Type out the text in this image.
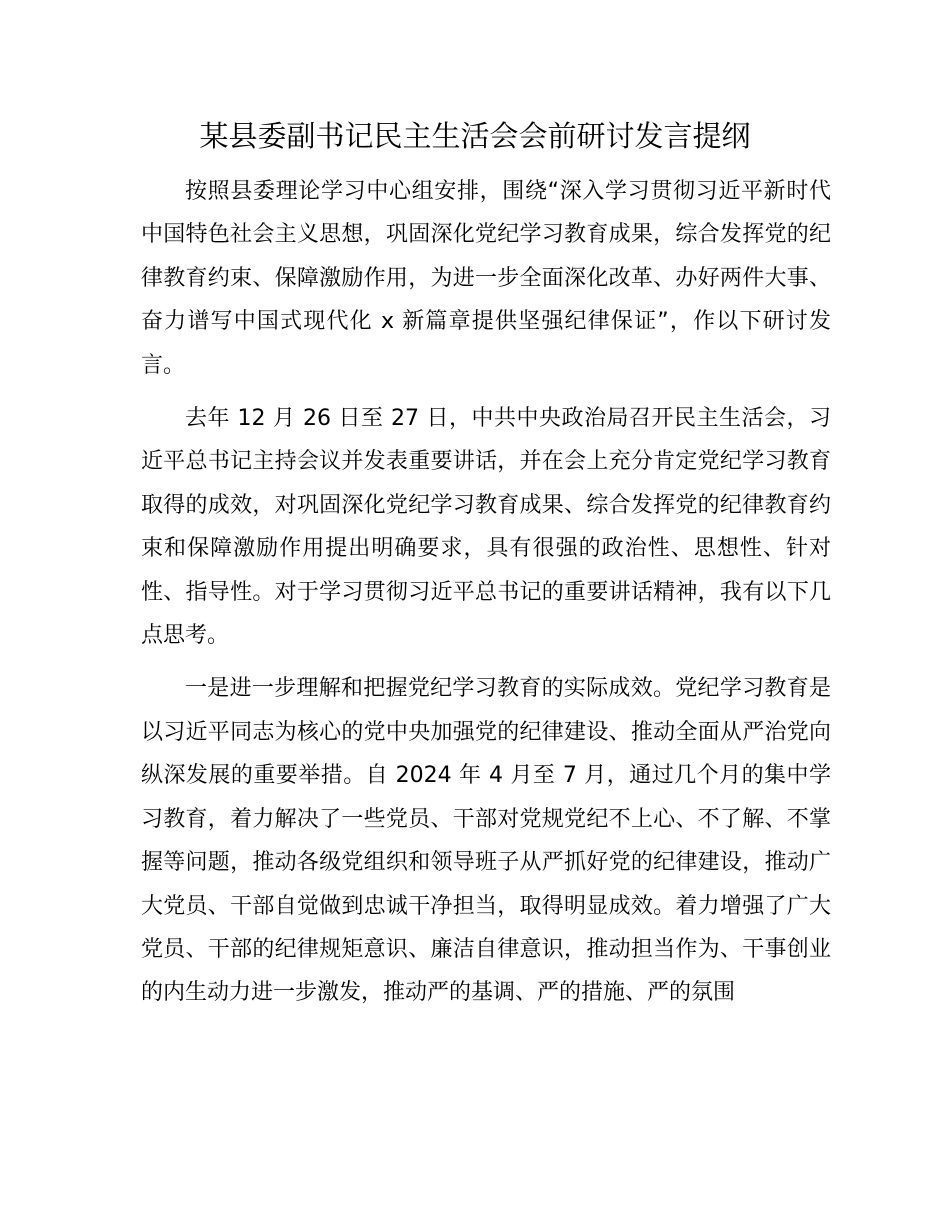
某县委副书记民主生活会会前研讨发言提纲

按照县委理论学习中心组安排，围绕“深入学习贯彻习近平新时代中国特色社会主义思想，巩固深化党纪学习教育成果，综合发挥党的纪律教育约束、保障激励作用，为进一步全面深化改革、办好两件大事、奋力谱写中国式现代化 x 新篇章提供坚强纪律保证”，作以下研讨发言。

去年 12 月 26 日至 27 日，中共中央政治局召开民主生活会，习近平总书记主持会议并发表重要讲话，并在会上充分肯定党纪学习教育取得的成效，对巩固深化党纪学习教育成果、综合发挥党的纪律教育约束和保障激励作用提出明确要求，具有很强的政治性、思想性、针对性、指导性。对于学习贯彻习近平总书记的重要讲话精神，我有以下几点思考。

一是进一步理解和把握党纪学习教育的实际成效。党纪学习教育是以习近平同志为核心的党中央加强党的纪律建设、推动全面从严治党向纵深发展的重要举措。自 2024 年 4 月至 7 月，通过几个月的集中学习教育，着力解决了一些党员、干部对党规党纪不上心、不了解、不掌握等问题，推动各级党组织和领导班子从严抓好党的纪律建设，推动广大党员、干部自觉做到忠诚干净担当，取得明显成效。着力增强了广大党员、干部的纪律规矩意识、廉洁自律意识，推动担当作为、干事创业的内生动力进一步激发，推动严的基调、严的措施、严的氛围
